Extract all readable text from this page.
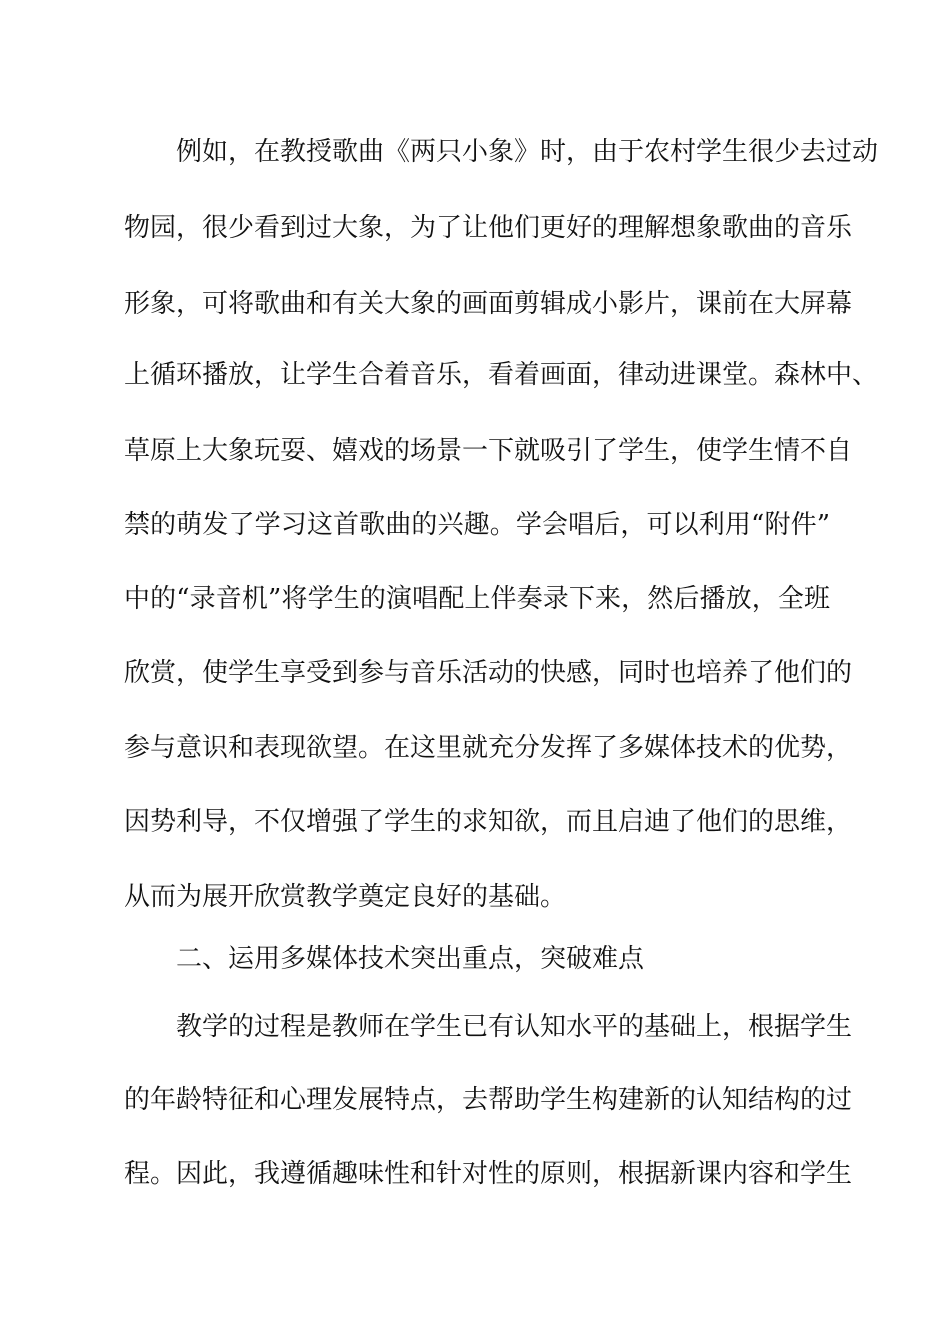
例如，在教授歌曲《两只小象》时，由于农村学生很少去过动
物园，很少看到过大象，为了让他们更好的理解想象歌曲的音乐
形象，可将歌曲和有关大象的画面剪辑成小影片，课前在大屏幕
上循环播放，让学生合着音乐，看着画面，律动进课堂。森林中、
草原上大象玩耍、嬉戏的场景一下就吸引了学生，使学生情不自
禁的萌发了学习这首歌曲的兴趣。学会唱后，可以利用“附件”
中的“录音机”将学生的演唱配上伴奏录下来，然后播放，全班
欣赏，使学生享受到参与音乐活动的快感，同时也培养了他们的
参与意识和表现欲望。在这里就充分发挥了多媒体技术的优势，
因势利导，不仅增强了学生的求知欲，而且启迪了他们的思维，
从而为展开欣赏教学奠定良好的基础。
二、运用多媒体技术突出重点，突破难点
教学的过程是教师在学生已有认知水平的基础上，根据学生
的年龄特征和心理发展特点，去帮助学生构建新的认知结构的过
程。因此，我遵循趣味性和针对性的原则，根据新课内容和学生
